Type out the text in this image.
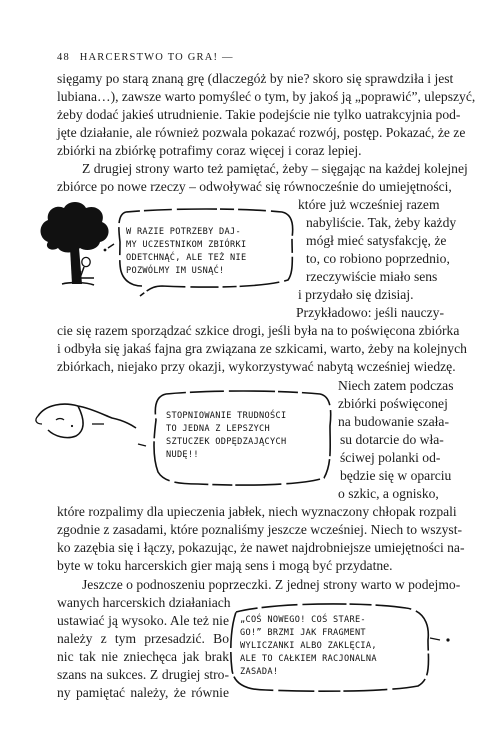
48 HARCERSTWO TO GRA! —
sięgamy po starą znaną grę (dlaczegóż by nie? skoro się sprawdziła i jest
lubiana…), zawsze warto pomyśleć o tym, by jakoś ją „poprawić”, ulepszyć,
żeby dodać jakieś utrudnienie. Takie podejście nie tylko uatrakcyjnia pod-
jęte działanie, ale również pozwala pokazać rozwój, postęp. Pokazać, że ze
zbiórki na zbiórkę potrafimy coraz więcej i coraz lepiej.
Z drugiej strony warto też pamiętać, żeby – sięgając na każdej kolejnej
zbiórce po nowe rzeczy – odwoływać się równocześnie do umiejętności,
które już wcześniej razem
nabyliście. Tak, żeby każdy
mógł mieć satysfakcję, że
to, co robiono poprzednio,
rzeczywiście miało sens
i przydało się dzisiaj.
Przykładowo: jeśli nauczy-
cie się razem sporządzać szkice drogi, jeśli była na to poświęcona zbiórka
i odbyła się jakaś fajna gra związana ze szkicami, warto, żeby na kolejnych
zbiórkach, niejako przy okazji, wykorzystywać nabytą wcześniej wiedzę.
Niech zatem podczas
zbiórki poświęconej
na budowanie szała-
su dotarcie do wła-
ściwej polanki od-
będzie się w oparciu
o szkic, a ognisko,
które rozpalimy dla upieczenia jabłek, niech wyznaczony chłopak rozpali
zgodnie z zasadami, które poznaliśmy jeszcze wcześniej. Niech to wszyst-
ko zazębia się i łączy, pokazując, że nawet najdrobniejsze umiejętności na-
byte w toku harcerskich gier mają sens i mogą być przydatne.
Jeszcze o podnoszeniu poprzeczki. Z jednej strony warto w podejmo-
wanych harcerskich działaniach
ustawiać ją wysoko. Ale też nie
należy z tym przesadzić. Bo
nic tak nie zniechęca jak brak
szans na sukces. Z drugiej stro-
ny pamiętać należy, że równie
W RAZIE POTRZEBY DAJ-
MY UCZESTNIKOM ZBIÓRKI
ODETCHNĄĆ, ALE TEŻ NIE
POZWÓLMY IM USNĄĆ!
STOPNIOWANIE TRUDNOŚCI
TO JEDNA Z LEPSZYCH
SZTUCZEK ODPĘDZAJĄCYCH
NUDĘ!!
„COŚ NOWEGO! COŚ STARE-
GO!” BRZMI JAK FRAGMENT
WYLICZANKI ALBO ZAKLĘCIA,
ALE TO CAŁKIEM RACJONALNA
ZASADA!
